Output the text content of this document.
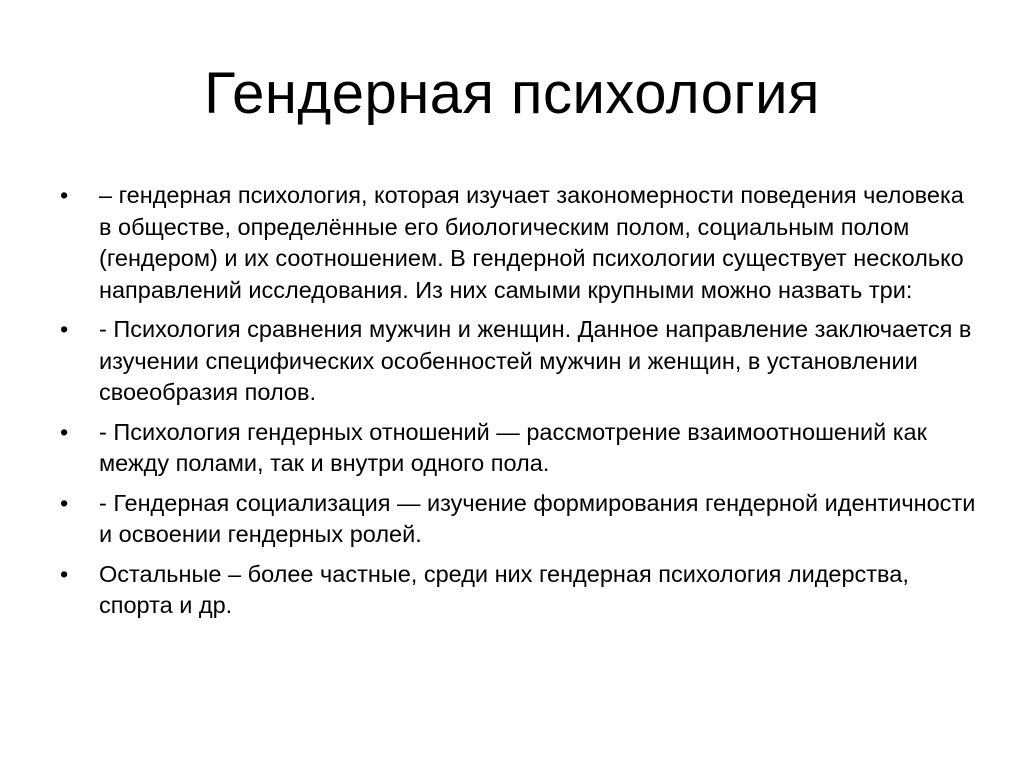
Гендерная психология
•	– гендерная психология, которая изучает закономерности поведения человека в обществе, определённые его биологическим полом, социальным полом (гендером) и их соотношением. В гендерной психологии существует несколько направлений исследования. Из них самыми крупными можно назвать три:
•	- Психология сравнения мужчин и женщин. Данное направление заключается в изучении специфических особенностей мужчин и женщин, в установлении своеобразия полов.
•	- Психология гендерных отношений — рассмотрение взаимоотношений как между полами, так и внутри одного пола.
•	- Гендерная социализация — изучение формирования гендерной идентичности и освоении гендерных ролей.
•	Остальные – более частные, среди них гендерная психология лидерства, спорта и др.
